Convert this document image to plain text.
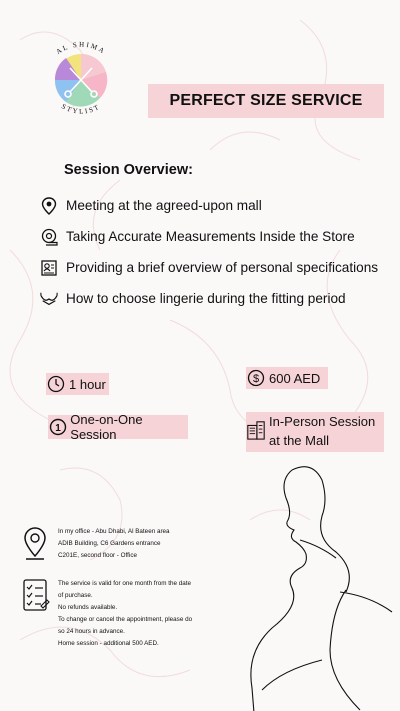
AL SHIMA
STYLIST	PERFECT SIZE SERVICE
Session Overview:
Meeting at the agreed-upon mall
Taking Accurate Measurements Inside the Store
Providing a brief overview of personal specifications
How to choose lingerie during the fitting period
1 hour	$ 600 AED
1
One-on-One Session
In-Person Session
at the Mall
In my office - Abu Dhabi, Al Bateen area
ADIB Building, C6 Gardens entrance
C201E, second floor - Office
The service is valid for one month from the date
of purchase.
No refunds available.
To change or cancel the appointment, please do
so 24 hours in advance.
Home session - additional 500 AED.
